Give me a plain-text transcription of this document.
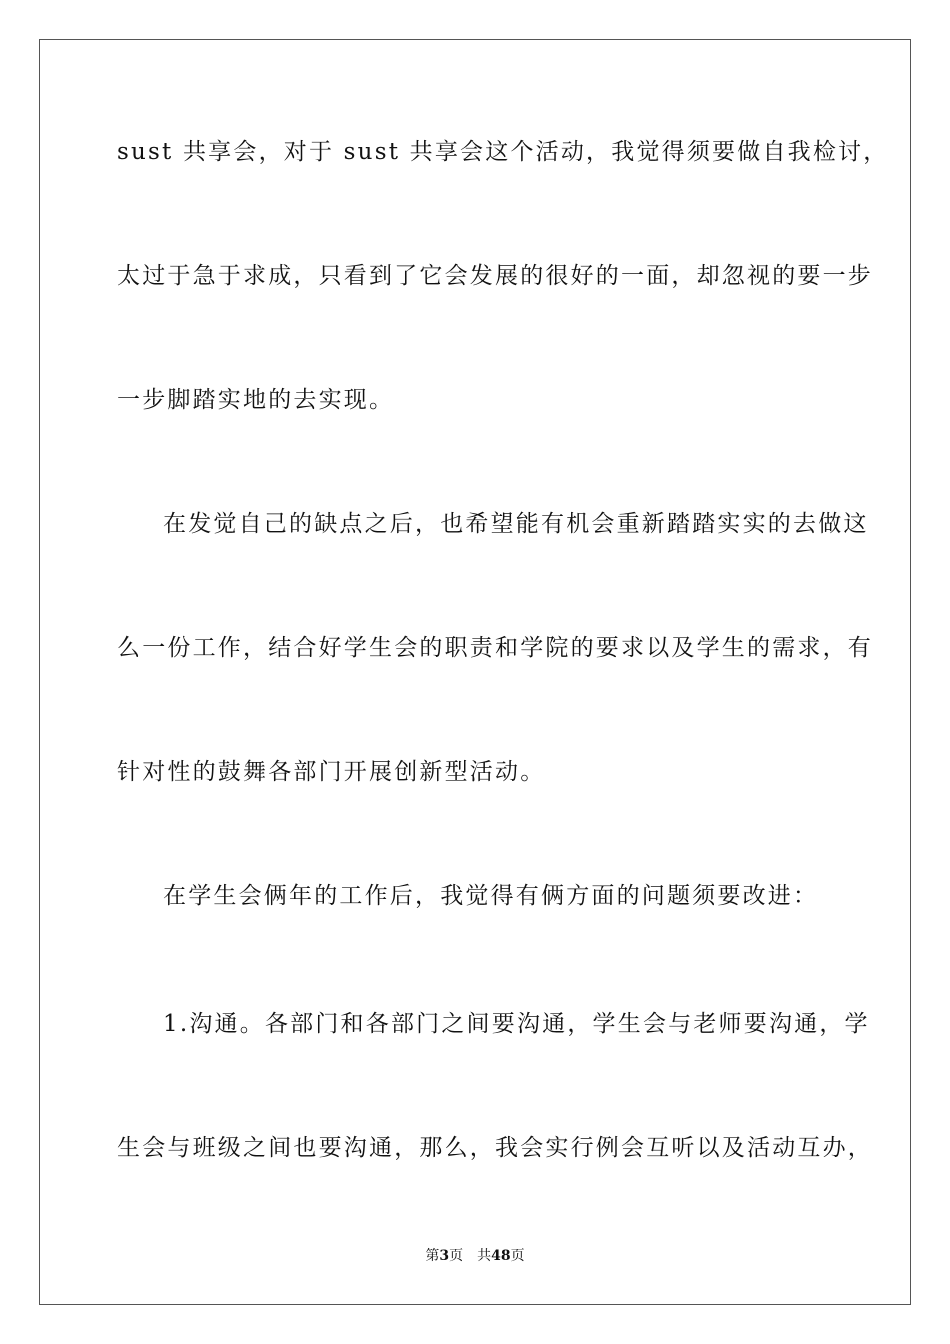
sust 共享会，对于 sust 共享会这个活动，我觉得须要做自我检讨，
太过于急于求成，只看到了它会发展的很好的一面，却忽视的要一步
一步脚踏实地的去实现。
在发觉自己的缺点之后，也希望能有机会重新踏踏实实的去做这
么一份工作，结合好学生会的职责和学院的要求以及学生的需求，有
针对性的鼓舞各部门开展创新型活动。
在学生会俩年的工作后，我觉得有俩方面的问题须要改进：
1.沟通。各部门和各部门之间要沟通，学生会与老师要沟通，学
生会与班级之间也要沟通，那么，我会实行例会互听以及活动互办，
第3页 共48页
